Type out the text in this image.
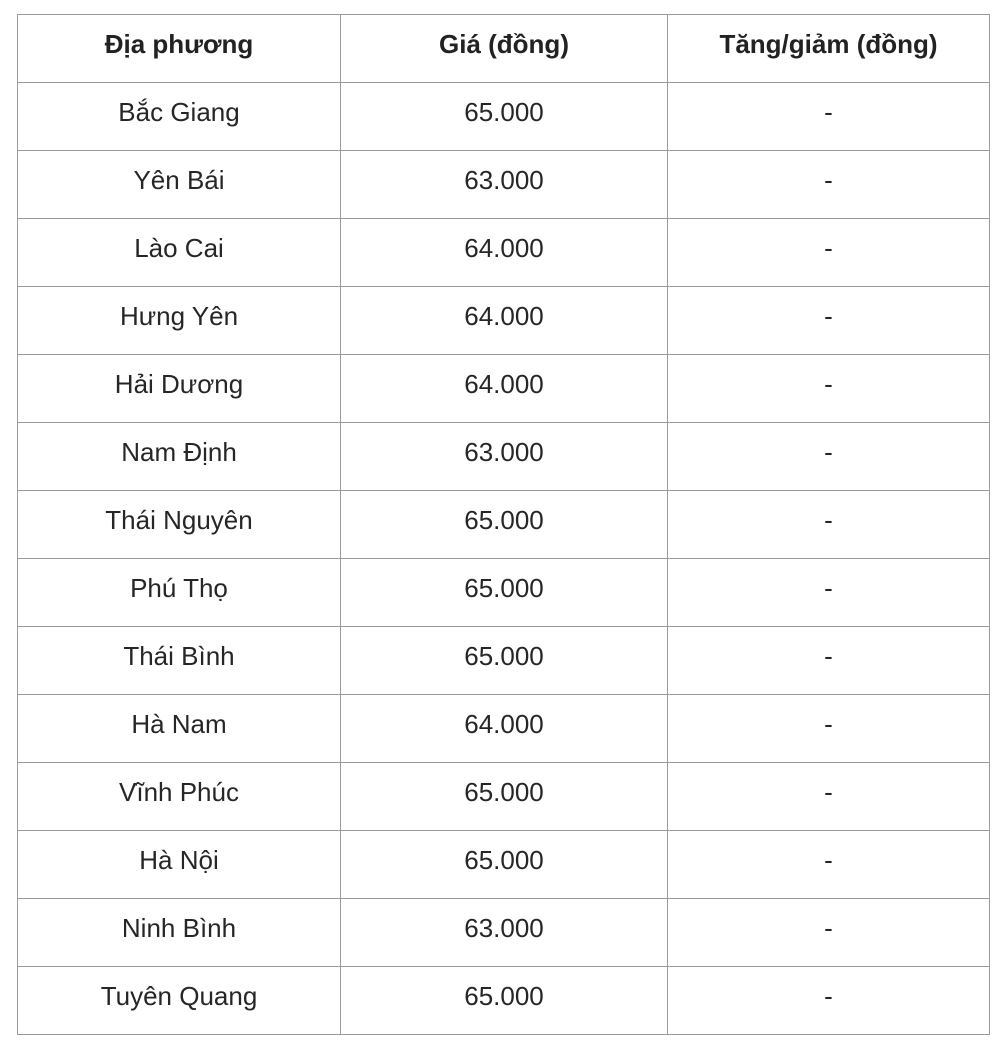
Địa phương	Giá (đồng)	Tăng/giảm (đồng)
Bắc Giang	65.000	-
Yên Bái	63.000	-
Lào Cai	64.000	-
Hưng Yên	64.000	-
Hải Dương	64.000	-
Nam Định	63.000	-
Thái Nguyên	65.000	-
Phú Thọ	65.000	-
Thái Bình	65.000	-
Hà Nam	64.000	-
Vĩnh Phúc	65.000	-
Hà Nội	65.000	-
Ninh Bình	63.000	-
Tuyên Quang	65.000	-
